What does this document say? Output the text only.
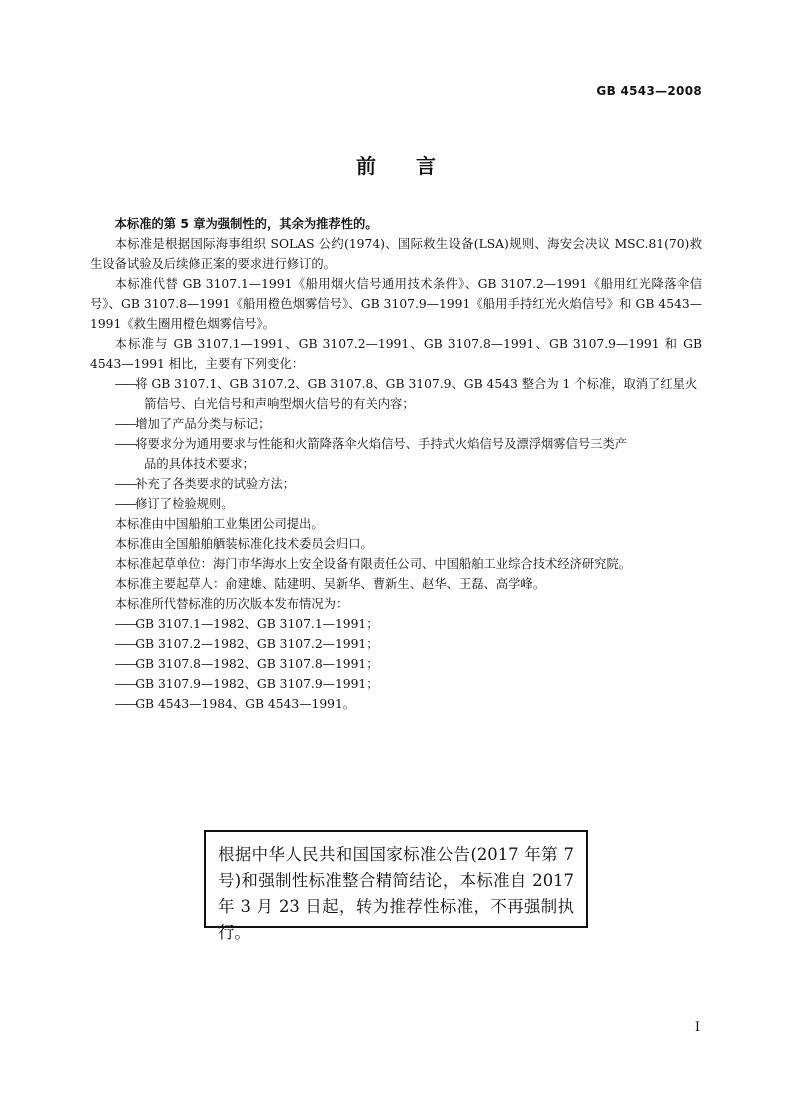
GB 4543—2008
前　　言

本标准的第 5 章为强制性的，其余为推荐性的。

本标准是根据国际海事组织 SOLAS 公约(1974)、国际救生设备(LSA)规则、海安会决议 MSC.81(70)救生设备试验及后续修正案的要求进行修订的。

本标准代替 GB 3107.1—1991《船用烟火信号通用技术条件》、GB 3107.2—1991《船用红光降落伞信号》、GB 3107.8—1991《船用橙色烟雾信号》、GB 3107.9—1991《船用手持红光火焰信号》和 GB 4543—1991《救生圈用橙色烟雾信号》。

本标准与 GB 3107.1—1991、GB 3107.2—1991、GB 3107.8—1991、GB 3107.9—1991 和 GB 4543—1991 相比，主要有下列变化：

——将 GB 3107.1、GB 3107.2、GB 3107.8、GB 3107.9、GB 4543 整合为 1 个标准，取消了红星火
箭信号、白光信号和声响型烟火信号的有关内容；

——增加了产品分类与标记；

——将要求分为通用要求与性能和火箭降落伞火焰信号、手持式火焰信号及漂浮烟雾信号三类产
品的具体技术要求；

——补充了各类要求的试验方法；

——修订了检验规则。

本标准由中国船舶工业集团公司提出。

本标准由全国船舶舾装标准化技术委员会归口。

本标准起草单位：海门市华海水上安全设备有限责任公司、中国船舶工业综合技术经济研究院。

本标准主要起草人：俞建雄、陆建明、吴新华、曹新生、赵华、王磊、高学峰。

本标准所代替标准的历次版本发布情况为：

——GB 3107.1—1982、GB 3107.1—1991；

——GB 3107.2—1982、GB 3107.2—1991；

——GB 3107.8—1982、GB 3107.8—1991；

——GB 3107.9—1982、GB 3107.9—1991；

——GB 4543—1984、GB 4543—1991。

根据中华人民共和国国家标准公告(2017 年第 7 号)和强制性标准整合精简结论，本标准自 2017 年 3 月 23 日起，转为推荐性标准，不再强制执行。
I
